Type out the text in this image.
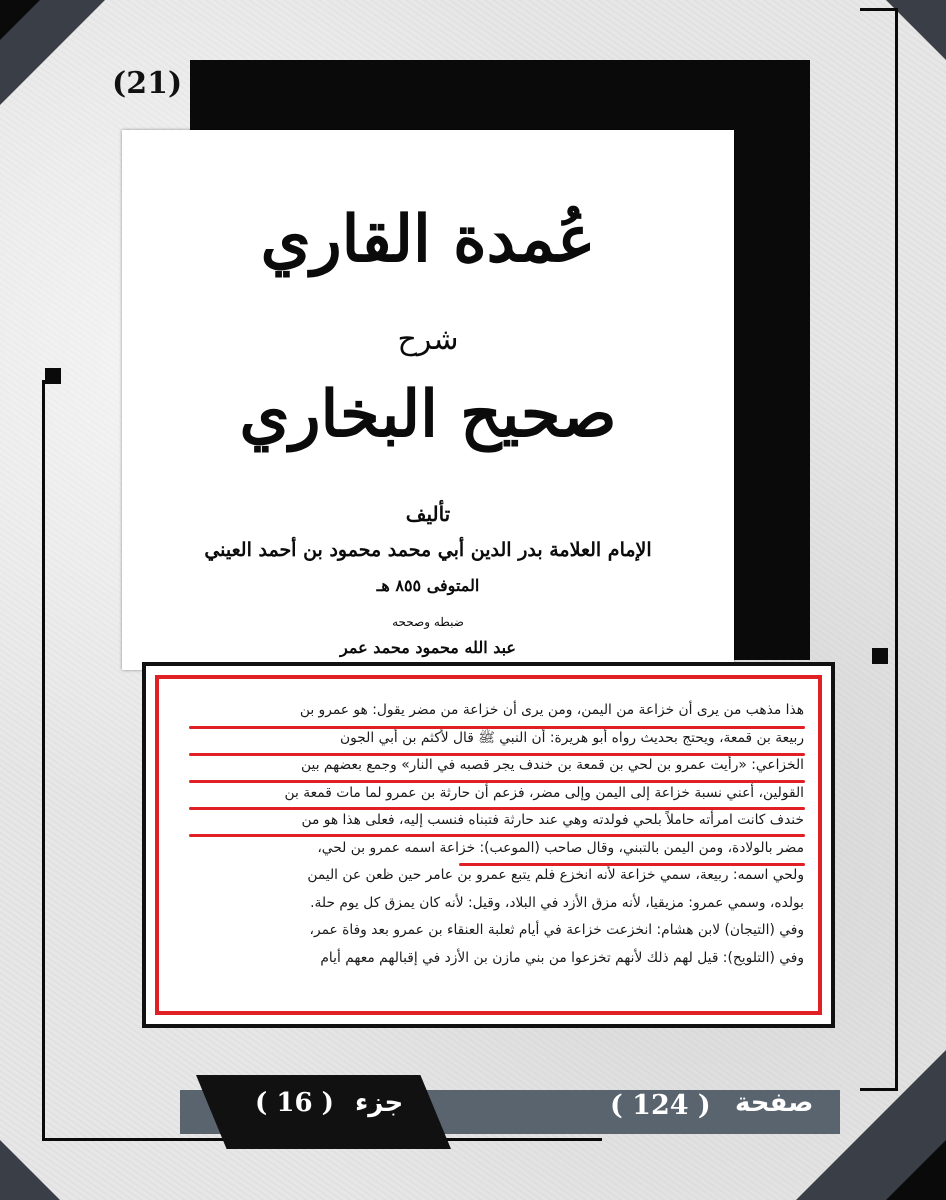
(21)
عُمدة القاري
شرح
صحيح البخاري
تأليف
الإمام العلامة بدر الدين أبي محمد محمود بن أحمد العيني
المتوفى ٨٥٥ هـ
ضبطه وصححه
عبد الله محمود محمد عمر
هذا مذهب من يرى أن خزاعة من اليمن، ومن يرى أن خزاعة من مضر يقول: هو عمرو بن
ربيعة بن قمعة، ويحتج بحديث رواه أبو هريرة: أن النبي ﷺ قال لأكثم بن أبي الجون
الخزاعي: «رأيت عمرو بن لحي بن قمعة بن خندف يجر قصبه في النار» وجمع بعضهم بين
القولين، أعني نسبة خزاعة إلى اليمن وإلى مضر، فزعم أن حارثة بن عمرو لما مات قمعة بن
خندف كانت امرأته حاملاً بلحي فولدته وهي عند حارثة فتبناه فنسب إليه، فعلى هذا هو من
مضر بالولادة، ومن اليمن بالتبني، وقال صاحب (الموعب): خزاعة اسمه عمرو بن لحي،
ولحي اسمه: ربيعة، سمي خزاعة لأنه انخزع فلم يتبع عمرو بن عامر حين ظعن عن اليمن
بولده، وسمي عمرو: مزيقيا، لأنه مزق الأزد في البلاد، وقيل: لأنه كان يمزق كل يوم حلة.
وفي (التيجان) لابن هشام: انخزعت خزاعة في أيام ثعلبة العنقاء بن عمرو بعد وفاة عمر،
وفي (التلويح): قيل لهم ذلك لأنهم تخزعوا من بني مازن بن الأزد في إقبالهم معهم أيام
( 16 ) جزء	( 124 ) صفحة
